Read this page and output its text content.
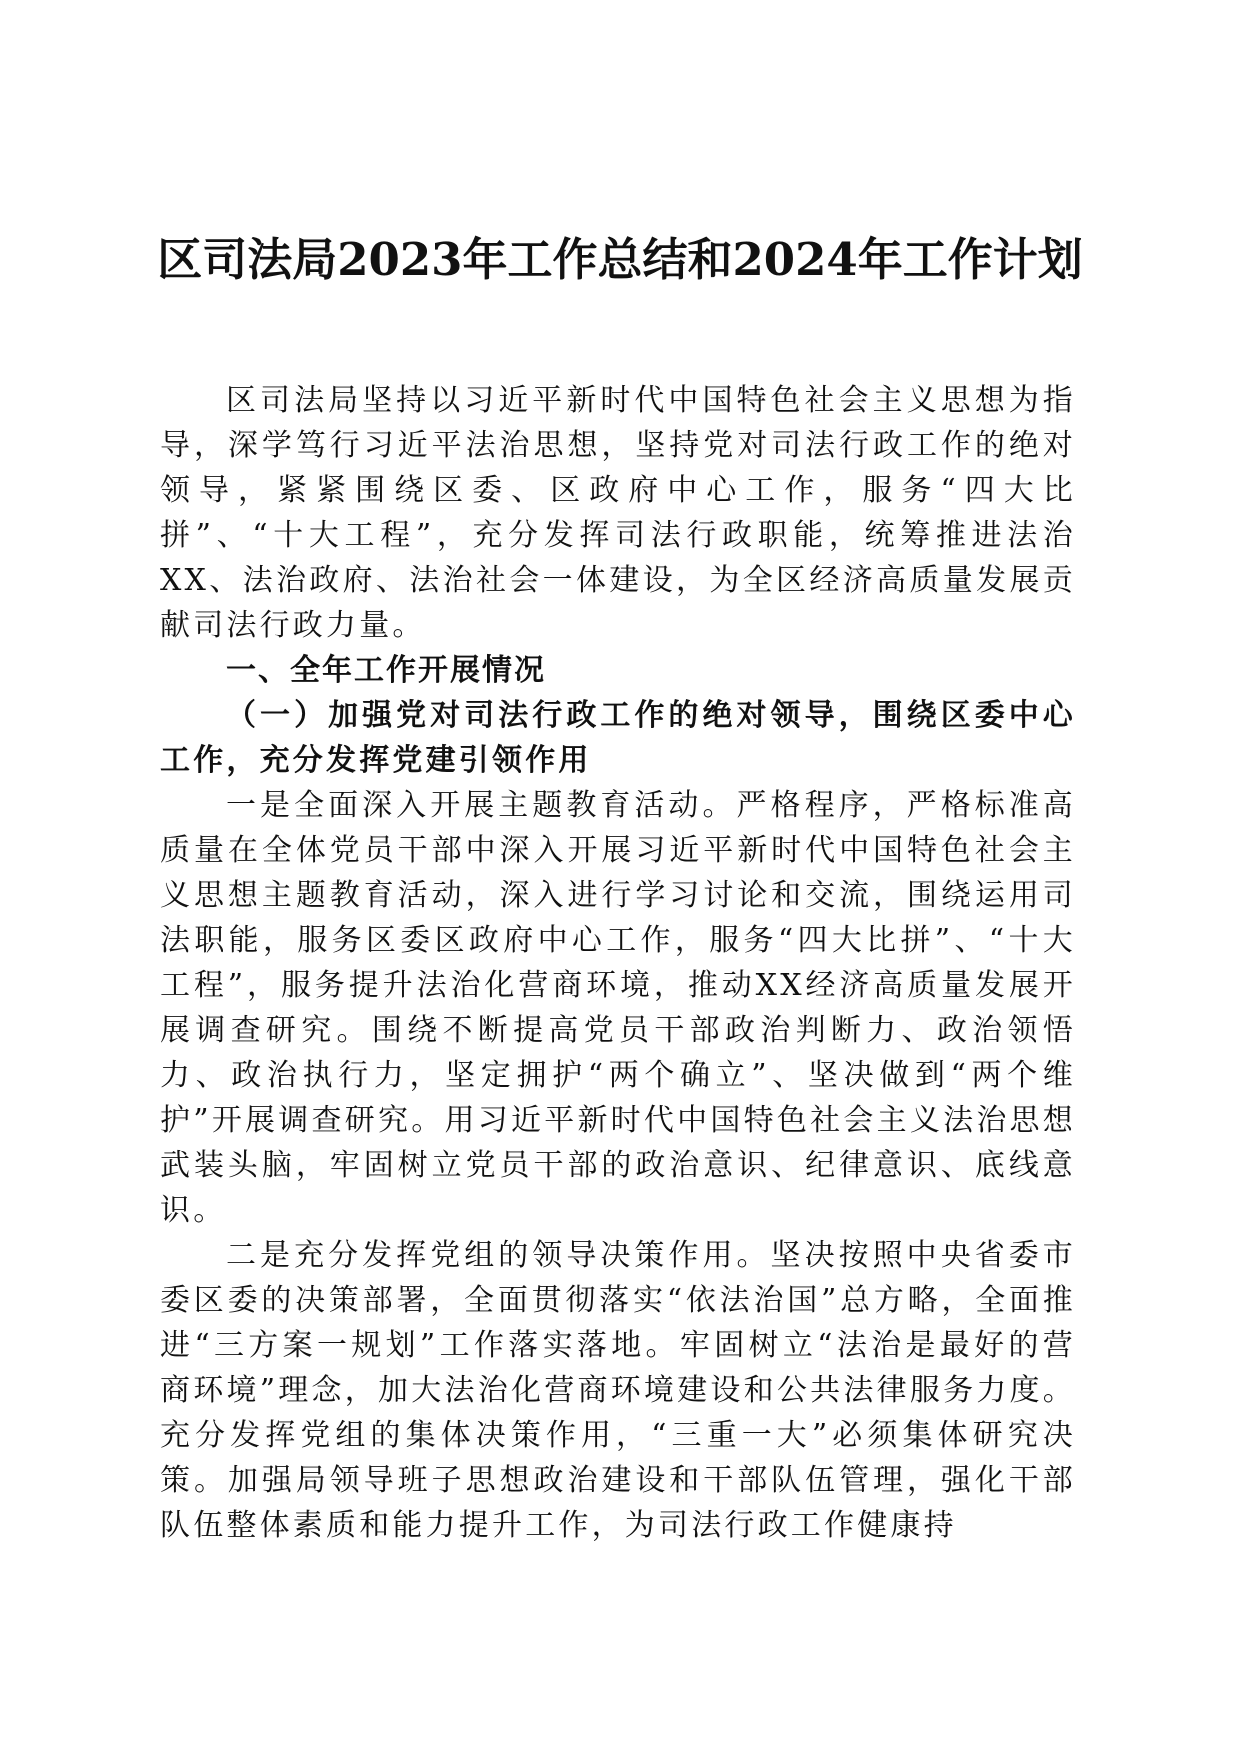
区司法局2023年工作总结和2024年工作计划

区司法局坚持以习近平新时代中国特色社会主义思想为指导，深学笃行习近平法治思想，坚持党对司法行政工作的绝对领导，紧紧围绕区委、区政府中心工作，服务“四大比拼”、“十大工程”，充分发挥司法行政职能，统筹推进法治XX、法治政府、法治社会一体建设，为全区经济高质量发展贡献司法行政力量。

一、全年工作开展情况

（一）加强党对司法行政工作的绝对领导，围绕区委中心工作，充分发挥党建引领作用

一是全面深入开展主题教育活动。严格程序，严格标准高质量在全体党员干部中深入开展习近平新时代中国特色社会主义思想主题教育活动，深入进行学习讨论和交流，围绕运用司法职能，服务区委区政府中心工作，服务“四大比拼”、“十大工程”，服务提升法治化营商环境，推动XX经济高质量发展开展调查研究。围绕不断提高党员干部政治判断力、政治领悟力、政治执行力，坚定拥护“两个确立”、坚决做到“两个维护”开展调查研究。用习近平新时代中国特色社会主义法治思想武装头脑，牢固树立党员干部的政治意识、纪律意识、底线意识。

二是充分发挥党组的领导决策作用。坚决按照中央省委市委区委的决策部署，全面贯彻落实“依法治国”总方略，全面推进“三方案一规划”工作落实落地。牢固树立“法治是最好的营商环境”理念，加大法治化营商环境建设和公共法律服务力度。充分发挥党组的集体决策作用，“三重一大”必须集体研究决策。加强局领导班子思想政治建设和干部队伍管理，强化干部队伍整体素质和能力提升工作，为司法行政工作健康持
